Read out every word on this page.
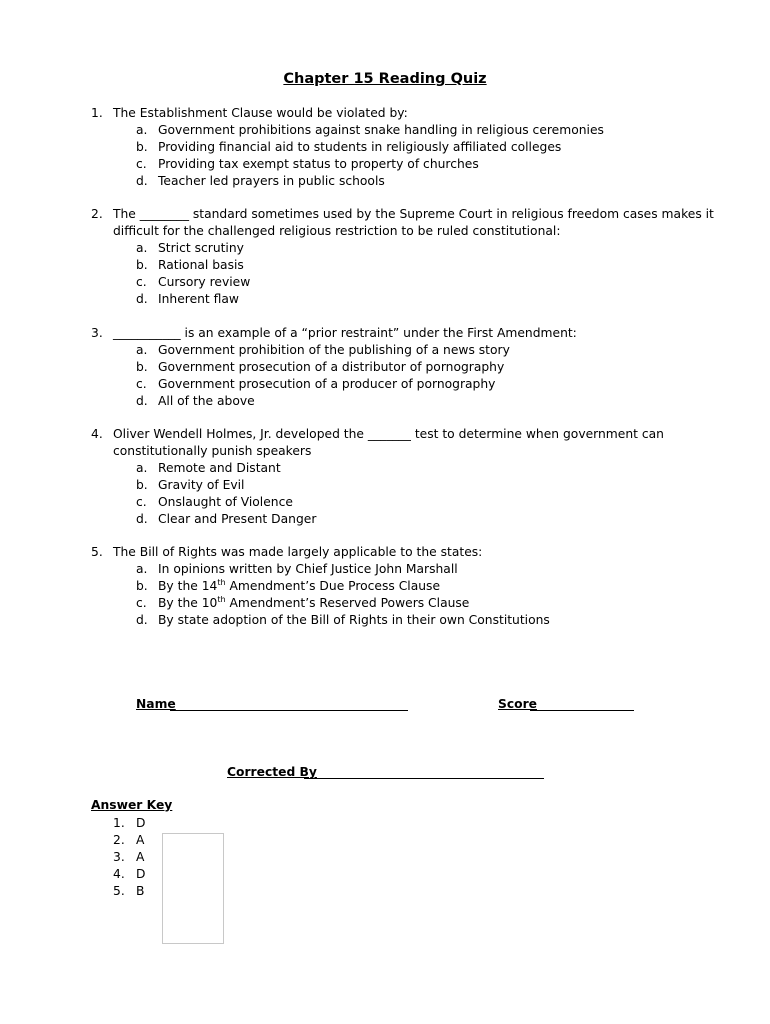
Chapter 15 Reading Quiz
1. The Establishment Clause would be violated by:
a. Government prohibitions against snake handling in religious ceremonies
b. Providing financial aid to students in religiously affiliated colleges
c. Providing tax exempt status to property of churches
d. Teacher led prayers in public schools
2. The ________ standard sometimes used by the Supreme Court in religious freedom cases makes it difficult for the challenged religious restriction to be ruled constitutional:
a. Strict scrutiny
b. Rational basis
c. Cursory review
d. Inherent flaw
3. ___________ is an example of a “prior restraint” under the First Amendment:
a. Government prohibition of the publishing of a news story
b. Government prosecution of a distributor of pornography
c. Government prosecution of a producer of pornography
d. All of the above
4. Oliver Wendell Holmes, Jr. developed the _______ test to determine when government can constitutionally punish speakers
a. Remote and Distant
b. Gravity of Evil
c. Onslaught of Violence
d. Clear and Present Danger
5. The Bill of Rights was made largely applicable to the states:
a. In opinions written by Chief Justice John Marshall
b. By the 14th Amendment’s Due Process Clause
c. By the 10th Amendment’s Reserved Powers Clause
d. By state adoption of the Bill of Rights in their own Constitutions
Name	Score
Corrected By
Answer Key
1. D
2. A
3. A
4. D
5. B
